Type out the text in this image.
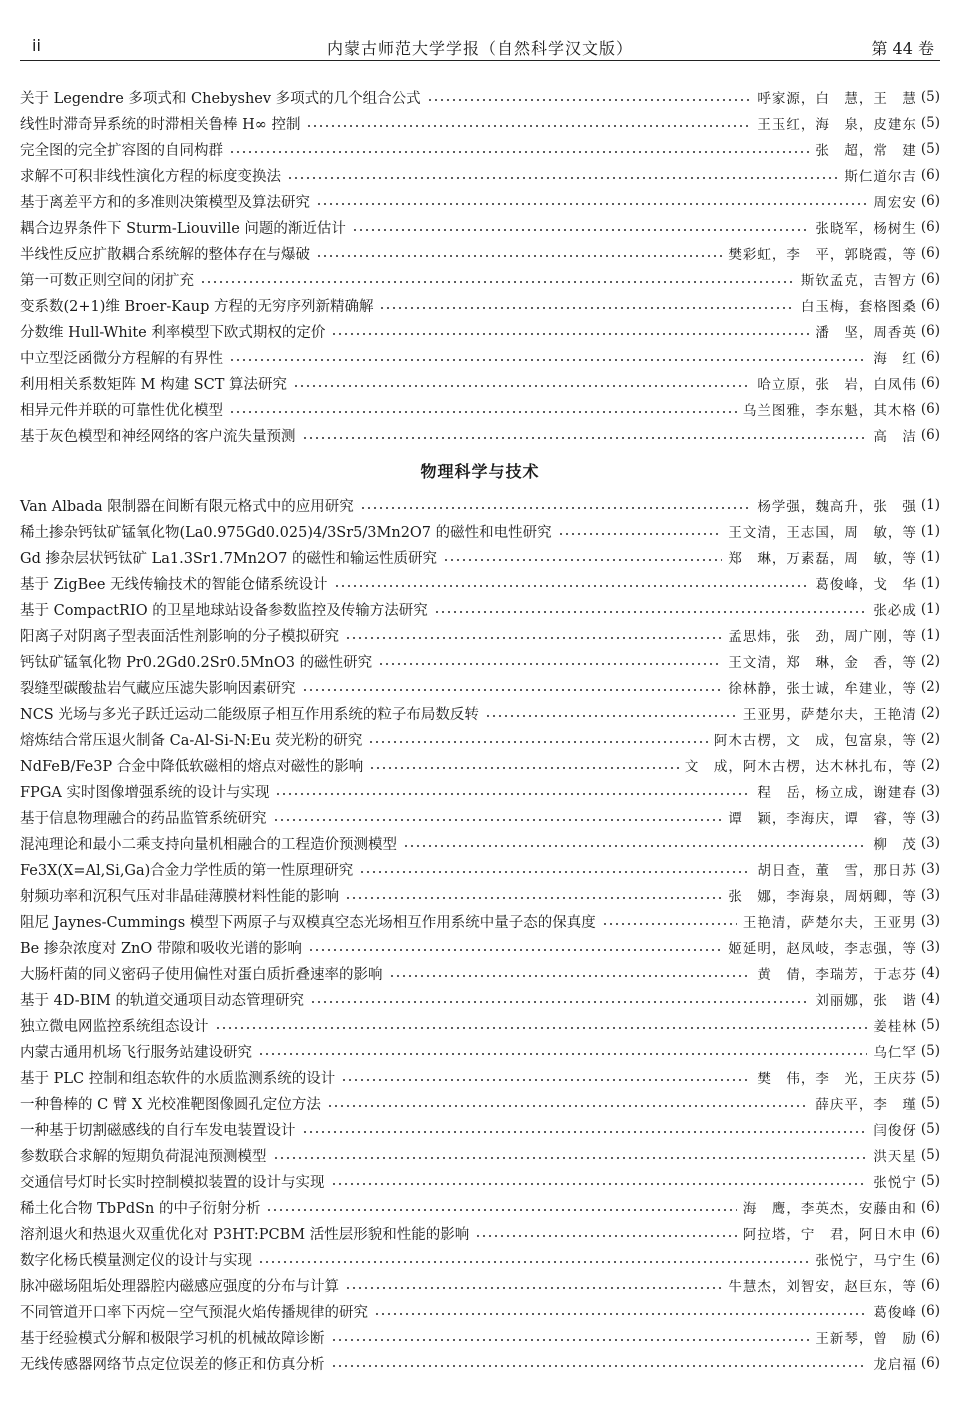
ii	内蒙古师范大学学报（自然科学汉文版）	第 44 卷
关于 Legendre 多项式和 Chebyshev 多项式的几个组合公式	呼家源，白　慧，王　慧 (5)
线性时滞奇异系统的时滞相关鲁棒 H∞ 控制	王玉红，海　泉，皮建东 (5)
完全图的完全扩容图的自同构群	张　超，常　建 (5)
求解不可积非线性演化方程的标度变换法	斯仁道尔吉 (6)
基于离差平方和的多准则决策模型及算法研究	周宏安 (6)
耦合边界条件下 Sturm-Liouville 问题的渐近估计	张晓军，杨树生 (6)
半线性反应扩散耦合系统解的整体存在与爆破	樊彩虹，李　平，郭晓霞，等 (6)
第一可数正则空间的闭扩充	斯钦孟克，吉智方 (6)
变系数(2+1)维 Broer-Kaup 方程的无穷序列新精确解	白玉梅，套格图桑 (6)
分数维 Hull-White 利率模型下欧式期权的定价	潘　坚，周香英 (6)
中立型泛函微分方程解的有界性	海　红 (6)
利用相关系数矩阵 M 构建 SCT 算法研究	哈立原，张　岩，白凤伟 (6)
相异元件并联的可靠性优化模型	乌兰图雅，李东魁，其木格 (6)
基于灰色模型和神经网络的客户流失量预测	高　洁 (6)
物理科学与技术
Van Albada 限制器在间断有限元格式中的应用研究	杨学强，魏高升，张　强 (1)
稀土掺杂钙钛矿锰氧化物(La0.975Gd0.025)4/3Sr5/3Mn2O7 的磁性和电性研究	王文清，王志国，周　敏，等 (1)
Gd 掺杂层状钙钛矿 La1.3Sr1.7Mn2O7 的磁性和输运性质研究	郑　琳，万素磊，周　敏，等 (1)
基于 ZigBee 无线传输技术的智能仓储系统设计	葛俊峰，戈　华 (1)
基于 CompactRIO 的卫星地球站设备参数监控及传输方法研究	张必成 (1)
阳离子对阴离子型表面活性剂影响的分子模拟研究	孟思炜，张　劲，周广刚，等 (1)
钙钛矿锰氧化物 Pr0.2Gd0.2Sr0.5MnO3 的磁性研究	王文清，郑　琳，金　香，等 (2)
裂缝型碳酸盐岩气藏应压滤失影响因素研究	徐林静，张士诚，牟建业，等 (2)
NCS 光场与多光子跃迁运动二能级原子相互作用系统的粒子布局数反转	王亚男，萨楚尔夫，王艳清 (2)
熔炼结合常压退火制备 Ca-Al-Si-N:Eu 荧光粉的研究	阿木古楞，文　成，包富泉，等 (2)
NdFeB/Fe3P 合金中降低软磁相的熔点对磁性的影响	文　成，阿木古楞，达木林扎布，等 (2)
FPGA 实时图像增强系统的设计与实现	程　岳，杨立成，谢建春 (3)
基于信息物理融合的药品监管系统研究	谭　颖，李海庆，谭　睿，等 (3)
混沌理论和最小二乘支持向量机相融合的工程造价预测模型	柳　茂 (3)
Fe3X(X=Al,Si,Ga)合金力学性质的第一性原理研究	胡日查，董　雪，那日苏 (3)
射频功率和沉积气压对非晶硅薄膜材料性能的影响	张　娜，李海泉，周炳卿，等 (3)
阻尼 Jaynes-Cummings 模型下两原子与双模真空态光场相互作用系统中量子态的保真度	王艳清，萨楚尔夫，王亚男 (3)
Be 掺杂浓度对 ZnO 带隙和吸收光谱的影响	姬延明，赵凤岐，李志强，等 (3)
大肠杆菌的同义密码子使用偏性对蛋白质折叠速率的影响	黄　倩，李瑞芳，于志芬 (4)
基于 4D-BIM 的轨道交通项目动态管理研究	刘丽娜，张　谐 (4)
独立微电网监控系统组态设计	姜桂林 (5)
内蒙古通用机场飞行服务站建设研究	乌仁罕 (5)
基于 PLC 控制和组态软件的水质监测系统的设计	樊　伟，李　光，王庆芬 (5)
一种鲁棒的 C 臂 X 光校准靶图像圆孔定位方法	薛庆平，李　瑾 (5)
一种基于切割磁感线的自行车发电装置设计	闫俊伢 (5)
参数联合求解的短期负荷混沌预测模型	洪天星 (5)
交通信号灯时长实时控制模拟装置的设计与实现	张悦宁 (5)
稀土化合物 TbPdSn 的中子衍射分析	海　鹰，李英杰，安藤由和 (6)
溶剂退火和热退火双重优化对 P3HT:PCBM 活性层形貌和性能的影响	阿拉塔，宁　君，阿日木申 (6)
数字化杨氏模量测定仪的设计与实现	张悦宁，马宁生 (6)
脉冲磁场阻垢处理器腔内磁感应强度的分布与计算	牛慧杰，刘智安，赵巨东，等 (6)
不同管道开口率下丙烷－空气预混火焰传播规律的研究	葛俊峰 (6)
基于经验模式分解和极限学习机的机械故障诊断	王新琴，曾　励 (6)
无线传感器网络节点定位误差的修正和仿真分析	龙启福 (6)
